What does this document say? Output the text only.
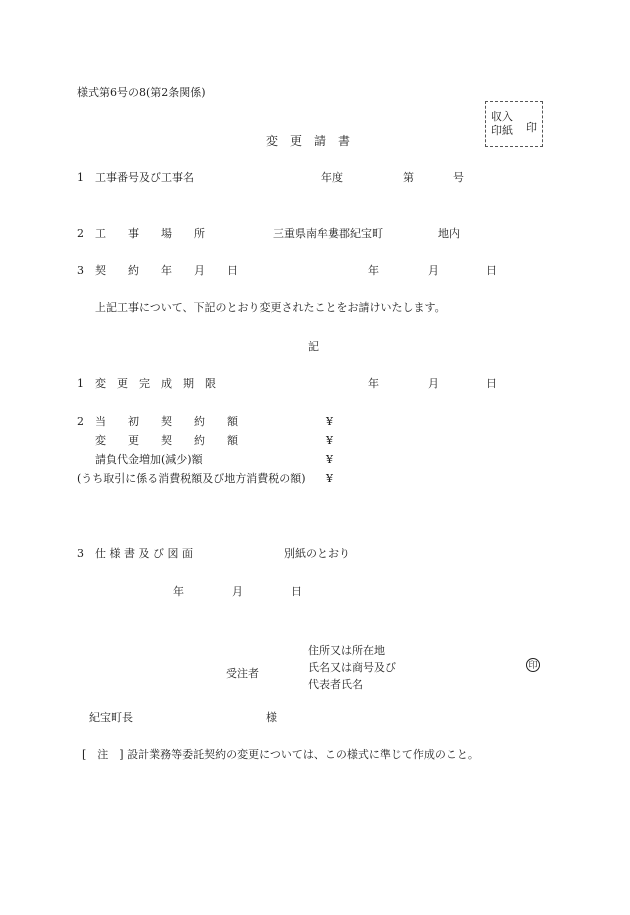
様式第6号の8(第2条関係)
収入
印紙 印
変　更　請　書
1　工事番号及び工事名	年度	第	号
2　工　　事　　場　　所	三重県南牟婁郡紀宝町	地内
3　契　　約　　年　　月　　日	年	月	日
上記工事について、下記のとおり変更されたことをお請けいたします。
記
1　変　更　完　成　期　限	年	月	日
2　当　　初　　契　　約　　額	¥
変　　更　　契　　約　　額	¥
請負代金増加(減少)額	¥
(うち取引に係る消費税額及び地方消費税の額) ¥
3　仕 様 書 及 び 図 面	別紙のとおり
年	月	日
受注者
住所又は所在地
氏名又は商号及び
代表者氏名
印
紀宝町長	様
[　注　] 設計業務等委託契約の変更については、この様式に準じて作成のこと。
